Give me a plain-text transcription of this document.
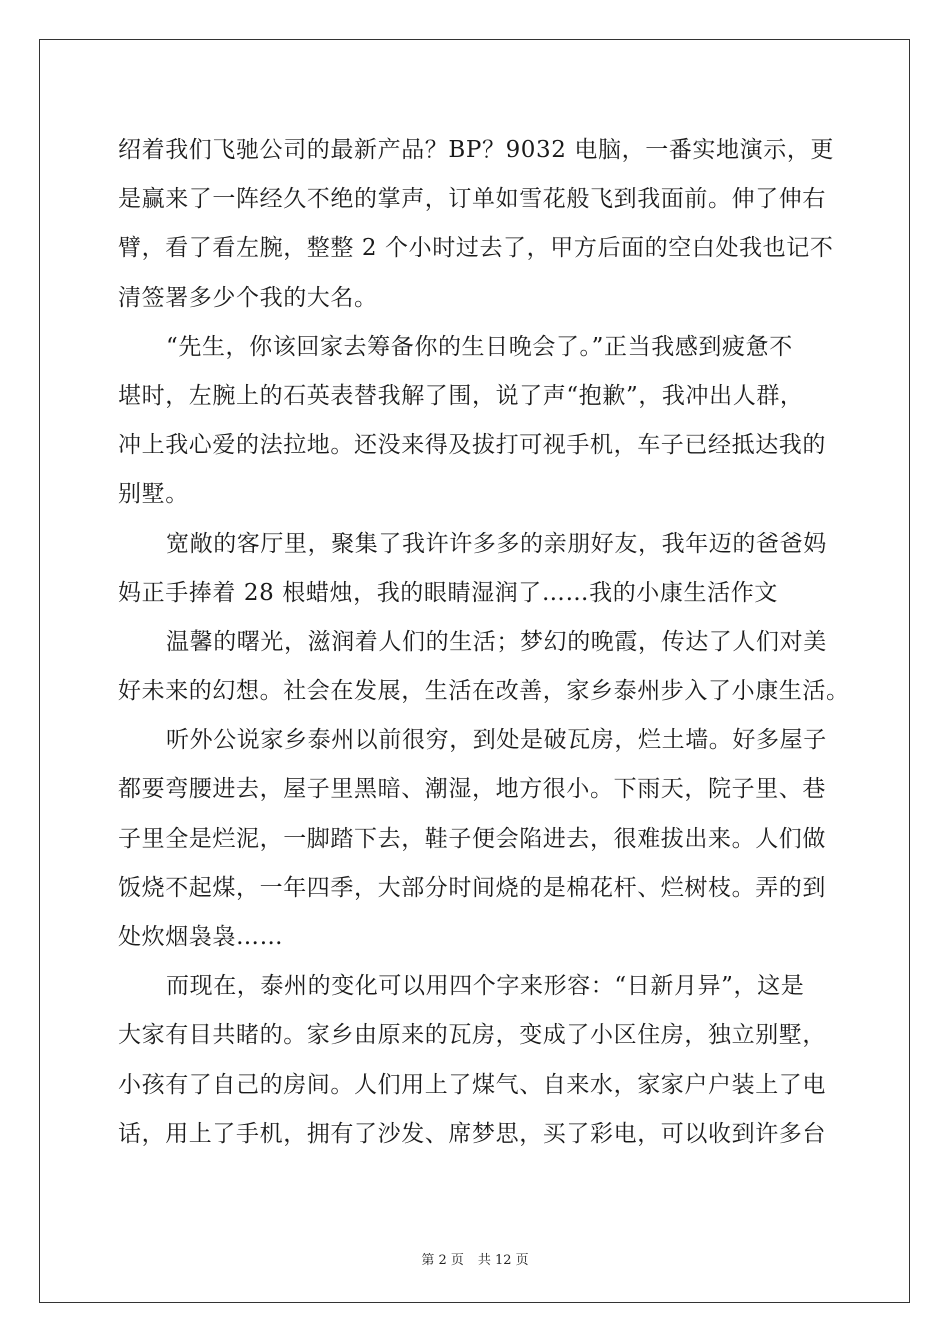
绍着我们飞驰公司的最新产品？BP？9032 电脑，一番实地演示，更
是赢来了一阵经久不绝的掌声，订单如雪花般飞到我面前。伸了伸右
臂，看了看左腕，整整 2 个小时过去了，甲方后面的空白处我也记不
清签署多少个我的大名。
“先生，你该回家去筹备你的生日晚会了。”正当我感到疲惫不
堪时，左腕上的石英表替我解了围，说了声“抱歉”，我冲出人群，
冲上我心爱的法拉地。还没来得及拔打可视手机，车子已经抵达我的
别墅。
宽敞的客厅里，聚集了我许许多多的亲朋好友，我年迈的爸爸妈
妈正手捧着 28 根蜡烛，我的眼睛湿润了……我的小康生活作文
温馨的曙光，滋润着人们的生活；梦幻的晚霞，传达了人们对美
好未来的幻想。社会在发展，生活在改善，家乡泰州步入了小康生活。
听外公说家乡泰州以前很穷，到处是破瓦房，烂土墙。好多屋子
都要弯腰进去，屋子里黑暗、潮湿，地方很小。下雨天，院子里、巷
子里全是烂泥，一脚踏下去，鞋子便会陷进去，很难拔出来。人们做
饭烧不起煤，一年四季，大部分时间烧的是棉花杆、烂树枝。弄的到
处炊烟袅袅……
而现在，泰州的变化可以用四个字来形容：“日新月异”，这是
大家有目共睹的。家乡由原来的瓦房，变成了小区住房，独立别墅，
小孩有了自己的房间。人们用上了煤气、自来水，家家户户装上了电
话，用上了手机，拥有了沙发、席梦思，买了彩电，可以收到许多台
第 2 页 共 12 页
